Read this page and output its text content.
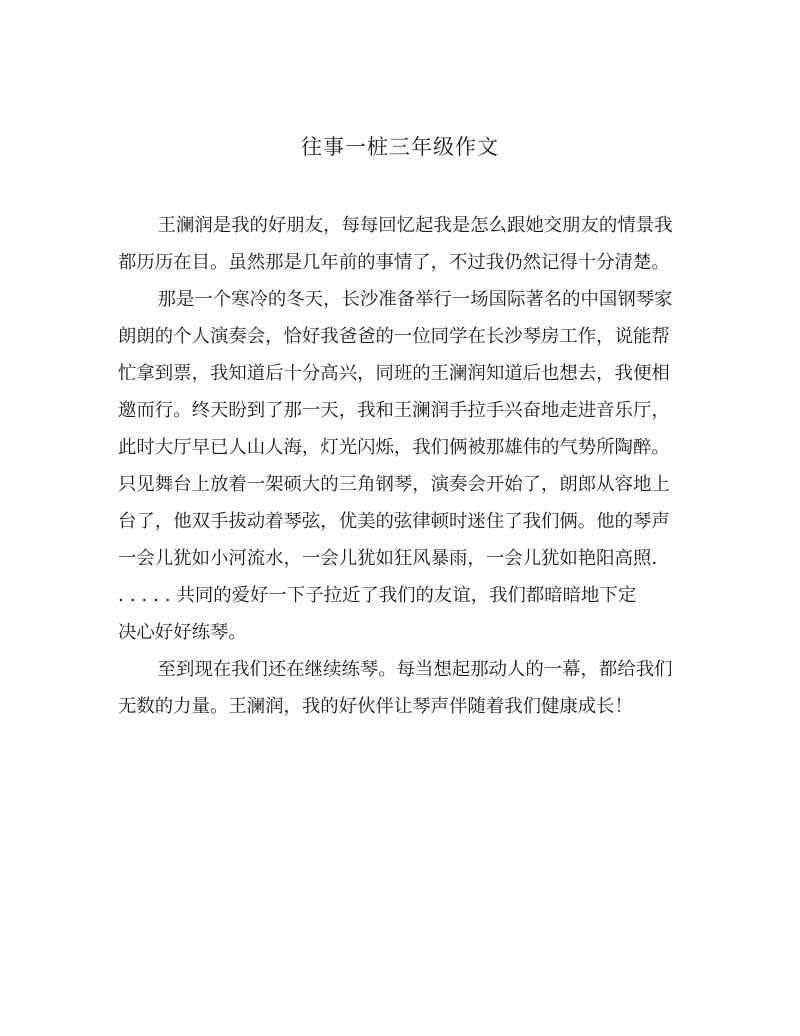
往事一桩三年级作文
王澜润是我的好朋友，每每回忆起我是怎么跟她交朋友的情景我
都历历在目。虽然那是几年前的事情了，不过我仍然记得十分清楚。
那是一个寒冷的冬天，长沙准备举行一场国际著名的中国钢琴家
朗朗的个人演奏会，恰好我爸爸的一位同学在长沙琴房工作，说能帮
忙拿到票，我知道后十分高兴，同班的王澜润知道后也想去，我便相
邀而行。终天盼到了那一天，我和王澜润手拉手兴奋地走进音乐厅，
此时大厅早已人山人海，灯光闪烁，我们俩被那雄伟的气势所陶醉。
只见舞台上放着一架硕大的三角钢琴，演奏会开始了，朗郎从容地上
台了，他双手拔动着琴弦，优美的弦律顿时迷住了我们俩。他的琴声
一会儿犹如小河流水，一会儿犹如狂风暴雨，一会儿犹如艳阳高照.
. . . . . 共同的爱好一下子拉近了我们的友谊，我们都暗暗地下定
决心好好练琴。
至到现在我们还在继续练琴。每当想起那动人的一幕，都给我们
无数的力量。王澜润，我的好伙伴让琴声伴随着我们健康成长！
